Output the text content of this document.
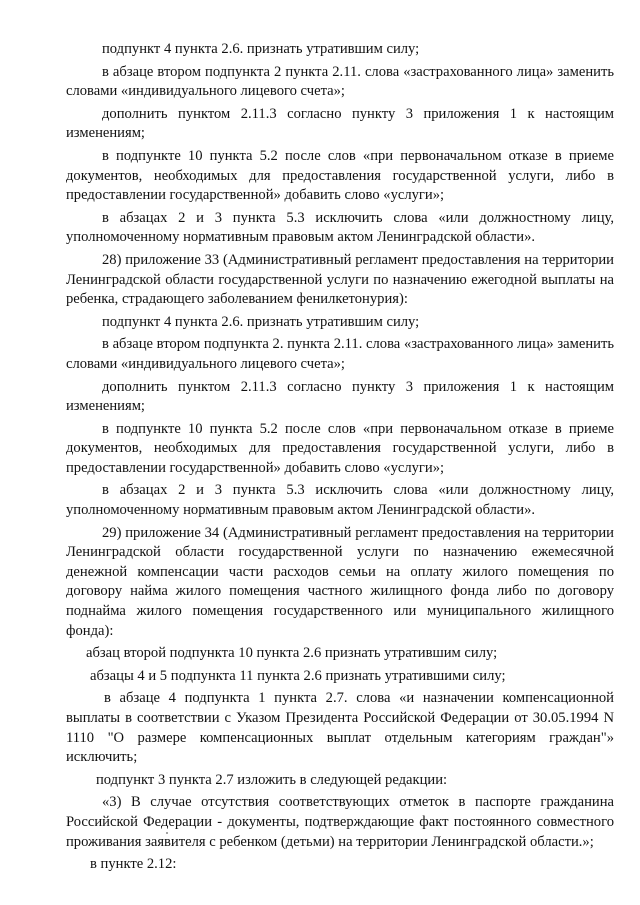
подпункт 4 пункта 2.6. признать утратившим силу;

в абзаце втором подпункта 2 пункта 2.11. слова «застрахованного лица» заменить словами «индивидуального лицевого счета»;

дополнить пунктом 2.11.3 согласно пункту 3 приложения 1 к настоящим изменениям;

в подпункте 10 пункта 5.2 после слов «при первоначальном отказе в приеме документов, необходимых для предоставления государственной услуги, либо в предоставлении государственной» добавить слово «услуги»;

в абзацах 2 и 3 пункта 5.3 исключить слова «или должностному лицу, уполномоченному нормативным правовым актом Ленинградской области».

28) приложение 33 (Административный регламент предоставления на территории Ленинградской области государственной услуги по назначению ежегодной выплаты на ребенка, страдающего заболеванием фенилкетонурия):

подпункт 4 пункта 2.6. признать утратившим силу;

в абзаце втором подпункта 2. пункта 2.11. слова «застрахованного лица» заменить словами «индивидуального лицевого счета»;

дополнить пунктом 2.11.3 согласно пункту 3 приложения 1 к настоящим изменениям;

в подпункте 10 пункта 5.2 после слов «при первоначальном отказе в приеме документов, необходимых для предоставления государственной услуги, либо в предоставлении государственной» добавить слово «услуги»;

в абзацах 2 и 3 пункта 5.3 исключить слова «или должностному лицу, уполномоченному нормативным правовым актом Ленинградской области».

29) приложение 34 (Административный регламент предоставления на территории Ленинградской области государственной услуги по назначению ежемесячной денежной компенсации части расходов семьи на оплату жилого помещения по договору найма жилого помещения частного жилищного фонда либо по договору поднайма жилого помещения государственного или муниципального жилищного фонда):

абзац второй подпункта 10 пункта 2.6 признать утратившим силу;

абзацы 4 и 5 подпункта 11 пункта 2.6 признать утратившими силу;

в абзаце 4 подпункта 1 пункта 2.7. слова «и назначении компенсационной выплаты в соответствии с Указом Президента Российской Федерации от 30.05.1994 N 1110 "О размере компенсационных выплат отдельным категориям граждан"» исключить;

подпункт 3 пункта 2.7 изложить в следующей редакции:

«3) В случае отсутствия соответствующих отметок в паспорте гражданина Российской Федерации - документы, подтверждающие факт постоянного совместного проживания заявителя с ребенком (детьми) на территории Ленинградской области.»;

в пункте 2.12:
